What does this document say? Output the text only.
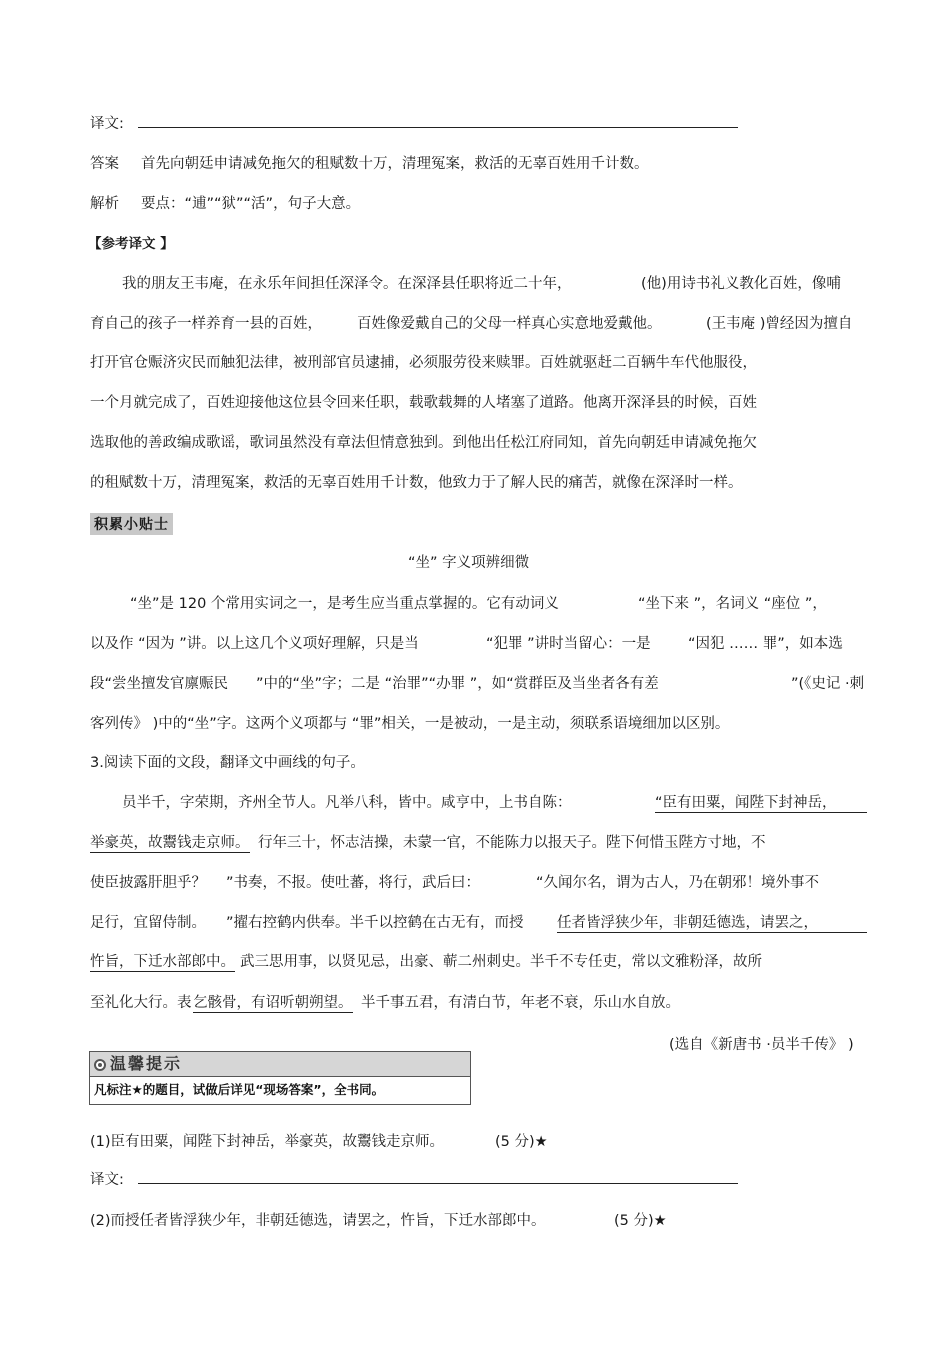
译文:
答案 首先向朝廷申请减免拖欠的租赋数十万，清理冤案，救活的无辜百姓用千计数。
解析 要点：“逋”“狱”“活”，句子大意。
【参考译文 】
我的朋友王韦庵，在永乐年间担任深泽令。在深泽县任职将近二十年，	(他)用诗书礼义教化百姓，像哺
育自己的孩子一样养育一县的百姓， 百姓像爱戴自己的父母一样真心实意地爱戴他。	(王韦庵 )曾经因为擅自
打开官仓赈济灾民而触犯法律，被刑部官员逮捕，必须服劳役来赎罪。百姓就驱赶二百辆牛车代他服役，
一个月就完成了，百姓迎接他这位县令回来任职，载歌载舞的人堵塞了道路。他离开深泽县的时候，百姓
选取他的善政编成歌谣，歌词虽然没有章法但情意独到。到他出任松江府同知，首先向朝廷申请减免拖欠
的租赋数十万，清理冤案，救活的无辜百姓用千计数，他致力于了解人民的痛苦，就像在深泽时一样。
积累小贴士
“坐” 字义项辨细微
“坐”是 120 个常用实词之一，是考生应当重点掌握的。它有动词义	“坐下来 ”，名词义 “座位 ”，
以及作 “因为 ”讲。以上这几个义项好理解，只是当	“犯罪 ”讲时当留心：一是	“因犯 …… 罪”，如本选
段“尝坐擅发官廪赈民 ”中的“坐”字；二是 “治罪”“办罪 ”，如“赏群臣及当坐者各有差	”(《史记 ·刺
客列传》 )中的“坐”字。这两个义项都与 “罪”相关，一是被动，一是主动，须联系语境细加以区别。
3.阅读下面的文段，翻译文中画线的句子。
员半千，字荣期，齐州全节人。凡举八科，皆中。咸亨中，上书自陈：	“臣有田粟，闻陛下封神岳，
举豪英，故鬻钱走京师。 行年三十，怀志洁操，未蒙一官，不能陈力以报天子。陛下何惜玉陛方寸地，不
使臣披露肝胆乎？ ”书奏，不报。使吐蕃，将行，武后曰：	“久闻尔名，谓为古人，乃在朝邪！境外事不
足行，宜留侍制。 ”擢右控鹤内供奉。半千以控鹤在古无有，而授 任者皆浮狭少年，非朝廷德选，请罢之，
忤旨，下迁水部郎中。 武三思用事，以贤见忌，出豪、蕲二州刺史。半千不专任吏，常以文雅粉泽，故所
至礼化大行。表 乞骸骨，有诏听朝朔望。 半千事五君，有清白节，年老不衰，乐山水自放。
(选自《新唐书 ·员半千传》 )
温馨提示
凡标注★的题目，试做后详见“现场答案”，全书同。
(1)臣有田粟，闻陛下封神岳，举豪英，故鬻钱走京师。	(5 分)★
译文:
(2)而授任者皆浮狭少年，非朝廷德选，请罢之，忤旨，下迁水部郎中。	(5 分)★
